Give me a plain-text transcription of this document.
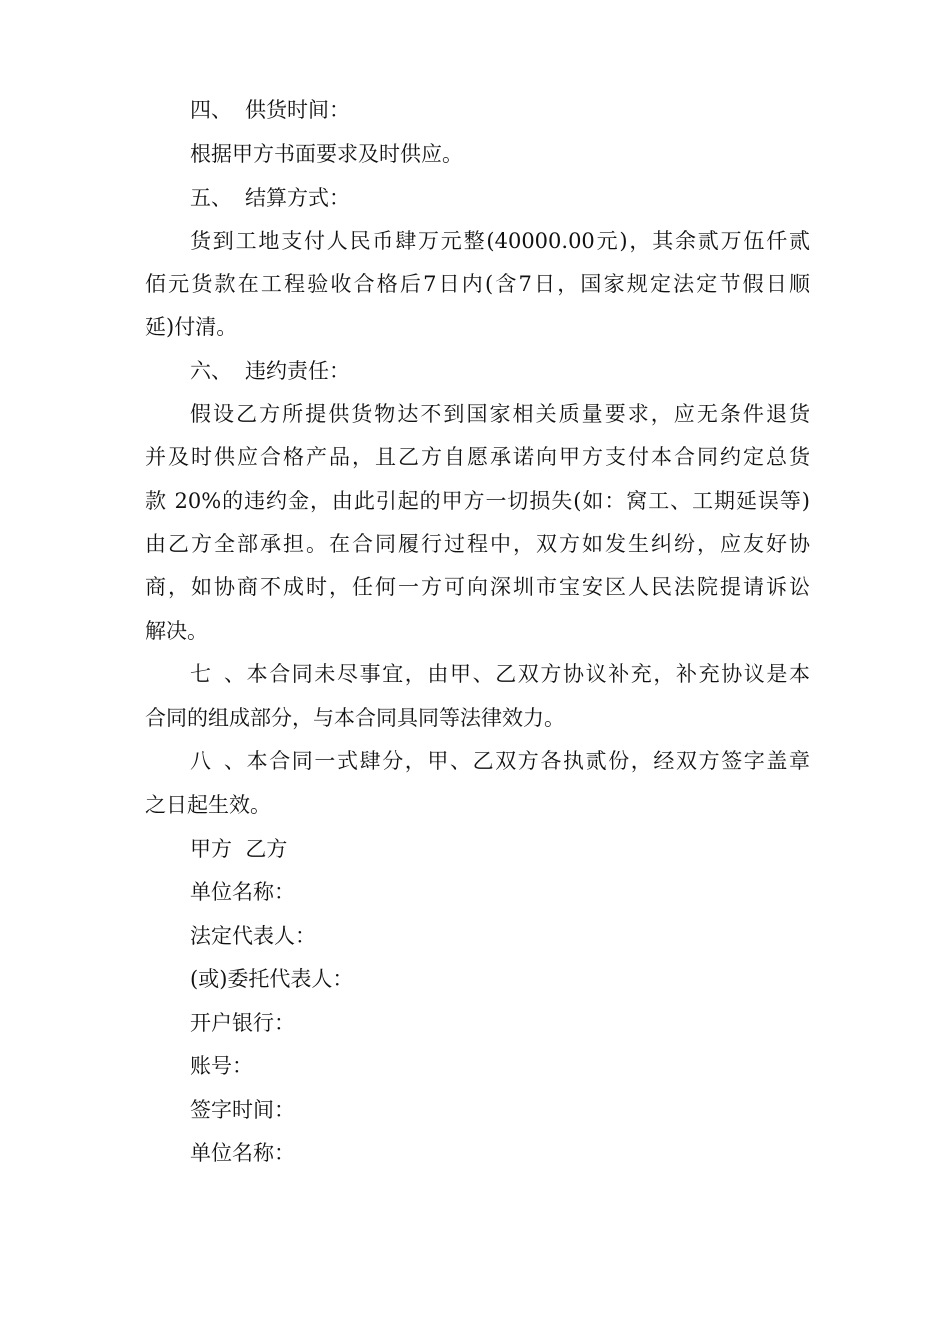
四、 供货时间：
根据甲方书面要求及时供应。
五、 结算方式：
货到工地支付人民币肆万元整(40000.00元)，其余贰万伍仟贰
佰元货款在工程验收合格后7日内(含7日，国家规定法定节假日顺
延)付清。
六、 违约责任：
假设乙方所提供货物达不到国家相关质量要求，应无条件退货
并及时供应合格产品，且乙方自愿承诺向甲方支付本合同约定总货
款 20%的违约金，由此引起的甲方一切损失(如：窝工、工期延误等)
由乙方全部承担。在合同履行过程中，双方如发生纠纷，应友好协
商，如协商不成时，任何一方可向深圳市宝安区人民法院提请诉讼
解决。
七、本合同未尽事宜，由甲、乙双方协议补充，补充协议是本
合同的组成部分，与本合同具同等法律效力。
八、本合同一式肆分，甲、乙双方各执贰份，经双方签字盖章
之日起生效。
甲方  乙方
单位名称：
法定代表人：
(或)委托代表人：
开户银行：
账号：
签字时间：
单位名称：
